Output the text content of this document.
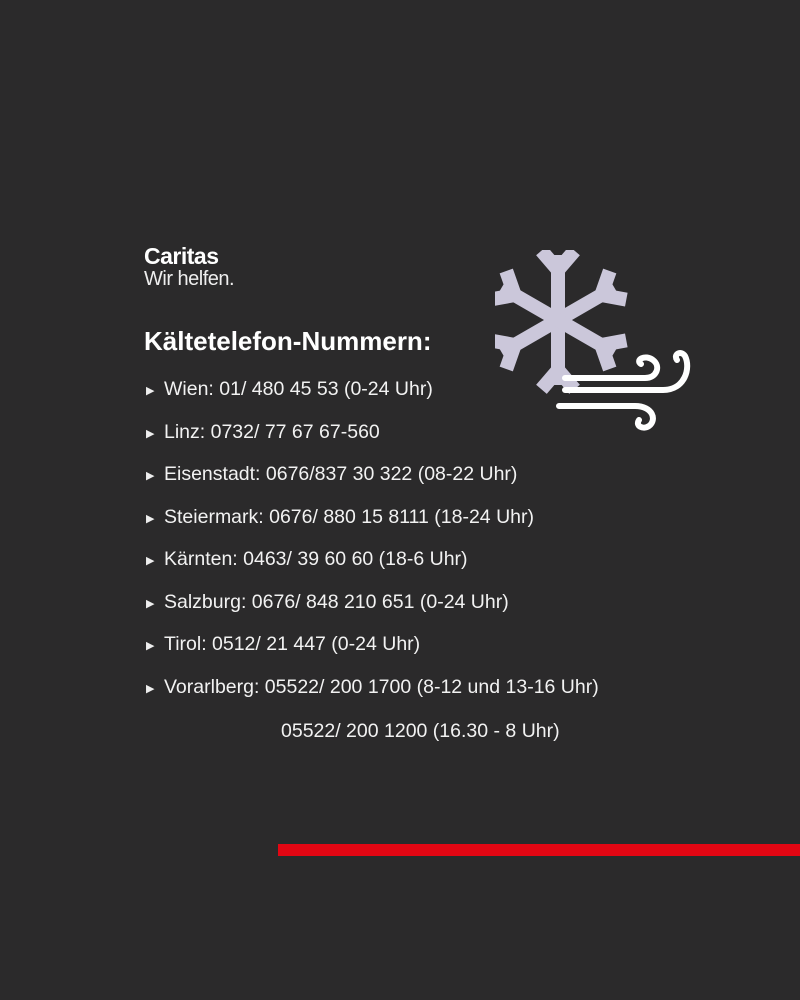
Caritas
Wir helfen.
Kältetelefon-Nummern:
▶ Wien: 01/ 480 45 53 (0-24 Uhr)
▶ Linz: 0732/ 77 67 67-560
▶ Eisenstadt: 0676/837 30 322 (08-22 Uhr)
▶ Steiermark: 0676/ 880 15 8111 (18-24 Uhr)
▶ Kärnten: 0463/ 39 60 60 (18-6 Uhr)
▶ Salzburg: 0676/ 848 210 651 (0-24 Uhr)
▶ Tirol: 0512/ 21 447 (0-24 Uhr)
▶ Vorarlberg: 05522/ 200 1700 (8-12 und 13-16 Uhr)
05522/ 200 1200 (16.30 - 8 Uhr)
